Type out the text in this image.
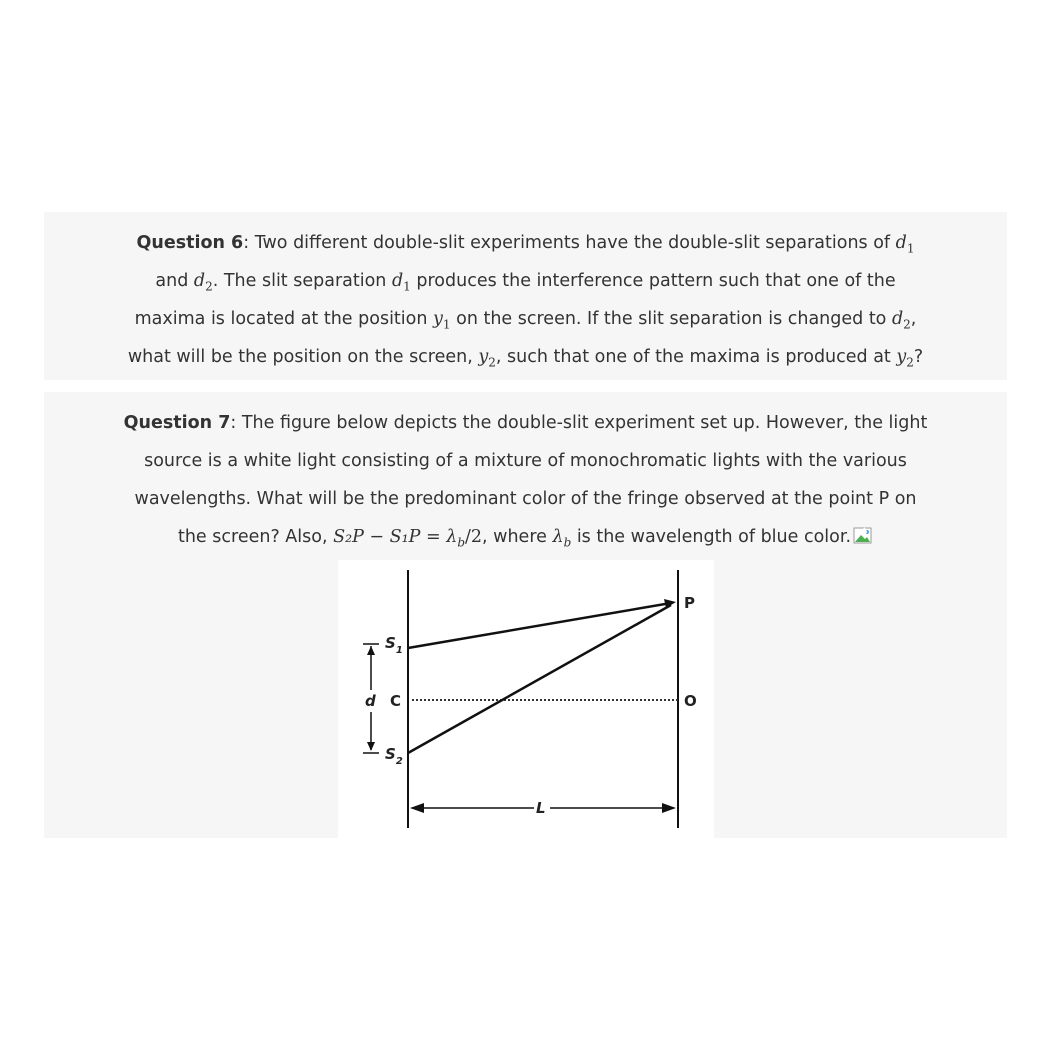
Question 6: Two different double-slit experiments have the double-slit separations of $d_1$
and $d_2$. The slit separation $d_1$ produces the interference pattern such that one of the
maxima is located at the position $y_1$ on the screen. If the slit separation is changed to $d_2$,
what will be the position on the screen, $y_2$, such that one of the maxima is produced at $y_2$?
Question 7: The figure below depicts the double-slit experiment set up. However, the light
source is a white light consisting of a mixture of monochromatic lights with the various
wavelengths. What will be the predominant color of the fringe observed at the point P on
the screen? Also, $S_2P - S_1P = \lambda_b/2$, where $\lambda_b$ is the wavelength of blue color.
P
O
C
d
$S_1$
$S_2$
L
